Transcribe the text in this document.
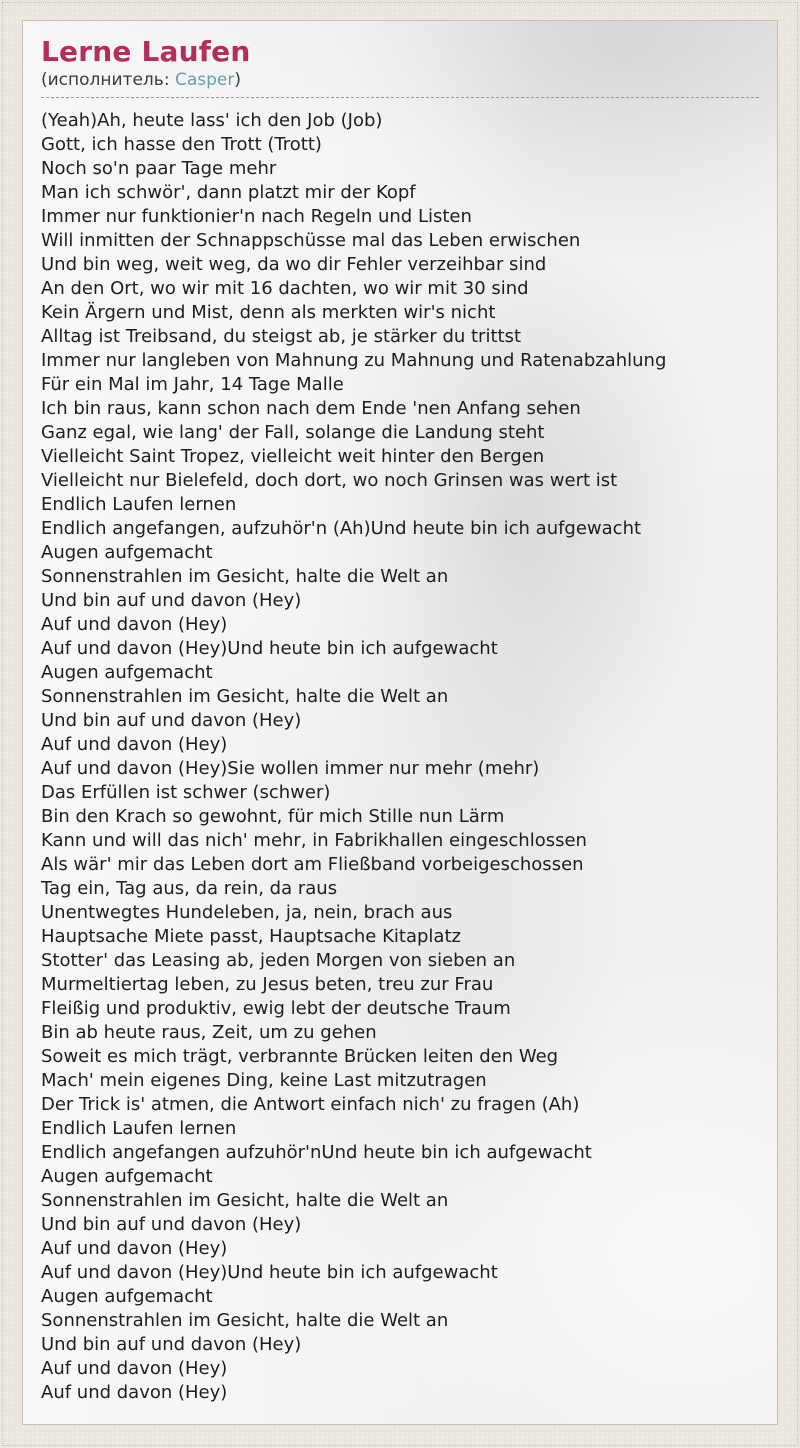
Lerne Laufen
(исполнитель: Casper)
(Yeah)Ah, heute lass' ich den Job (Job)
Gott, ich hasse den Trott (Trott)
Noch so'n paar Tage mehr
Man ich schwör', dann platzt mir der Kopf
Immer nur funktionier'n nach Regeln und Listen
Will inmitten der Schnappschüsse mal das Leben erwischen
Und bin weg, weit weg, da wo dir Fehler verzeihbar sind
An den Ort, wo wir mit 16 dachten, wo wir mit 30 sind
Kein Ärgern und Mist, denn als merkten wir's nicht
Alltag ist Treibsand, du steigst ab, je stärker du trittst
Immer nur langleben von Mahnung zu Mahnung und Ratenabzahlung
Für ein Mal im Jahr, 14 Tage Malle
Ich bin raus, kann schon nach dem Ende 'nen Anfang sehen
Ganz egal, wie lang' der Fall, solange die Landung steht
Vielleicht Saint Tropez, vielleicht weit hinter den Bergen
Vielleicht nur Bielefeld, doch dort, wo noch Grinsen was wert ist
Endlich Laufen lernen
Endlich angefangen, aufzuhör'n (Ah)Und heute bin ich aufgewacht
Augen aufgemacht
Sonnenstrahlen im Gesicht, halte die Welt an
Und bin auf und davon (Hey)
Auf und davon (Hey)
Auf und davon (Hey)Und heute bin ich aufgewacht
Augen aufgemacht
Sonnenstrahlen im Gesicht, halte die Welt an
Und bin auf und davon (Hey)
Auf und davon (Hey)
Auf und davon (Hey)Sie wollen immer nur mehr (mehr)
Das Erfüllen ist schwer (schwer)
Bin den Krach so gewohnt, für mich Stille nun Lärm
Kann und will das nich' mehr, in Fabrikhallen eingeschlossen
Als wär' mir das Leben dort am Fließband vorbeigeschossen
Tag ein, Tag aus, da rein, da raus
Unentwegtes Hundeleben, ja, nein, brach aus
Hauptsache Miete passt, Hauptsache Kitaplatz
Stotter' das Leasing ab, jeden Morgen von sieben an
Murmeltiertag leben, zu Jesus beten, treu zur Frau
Fleißig und produktiv, ewig lebt der deutsche Traum
Bin ab heute raus, Zeit, um zu gehen
Soweit es mich trägt, verbrannte Brücken leiten den Weg
Mach' mein eigenes Ding, keine Last mitzutragen
Der Trick is' atmen, die Antwort einfach nich' zu fragen (Ah)
Endlich Laufen lernen
Endlich angefangen aufzuhör'nUnd heute bin ich aufgewacht
Augen aufgemacht
Sonnenstrahlen im Gesicht, halte die Welt an
Und bin auf und davon (Hey)
Auf und davon (Hey)
Auf und davon (Hey)Und heute bin ich aufgewacht
Augen aufgemacht
Sonnenstrahlen im Gesicht, halte die Welt an
Und bin auf und davon (Hey)
Auf und davon (Hey)
Auf und davon (Hey)
